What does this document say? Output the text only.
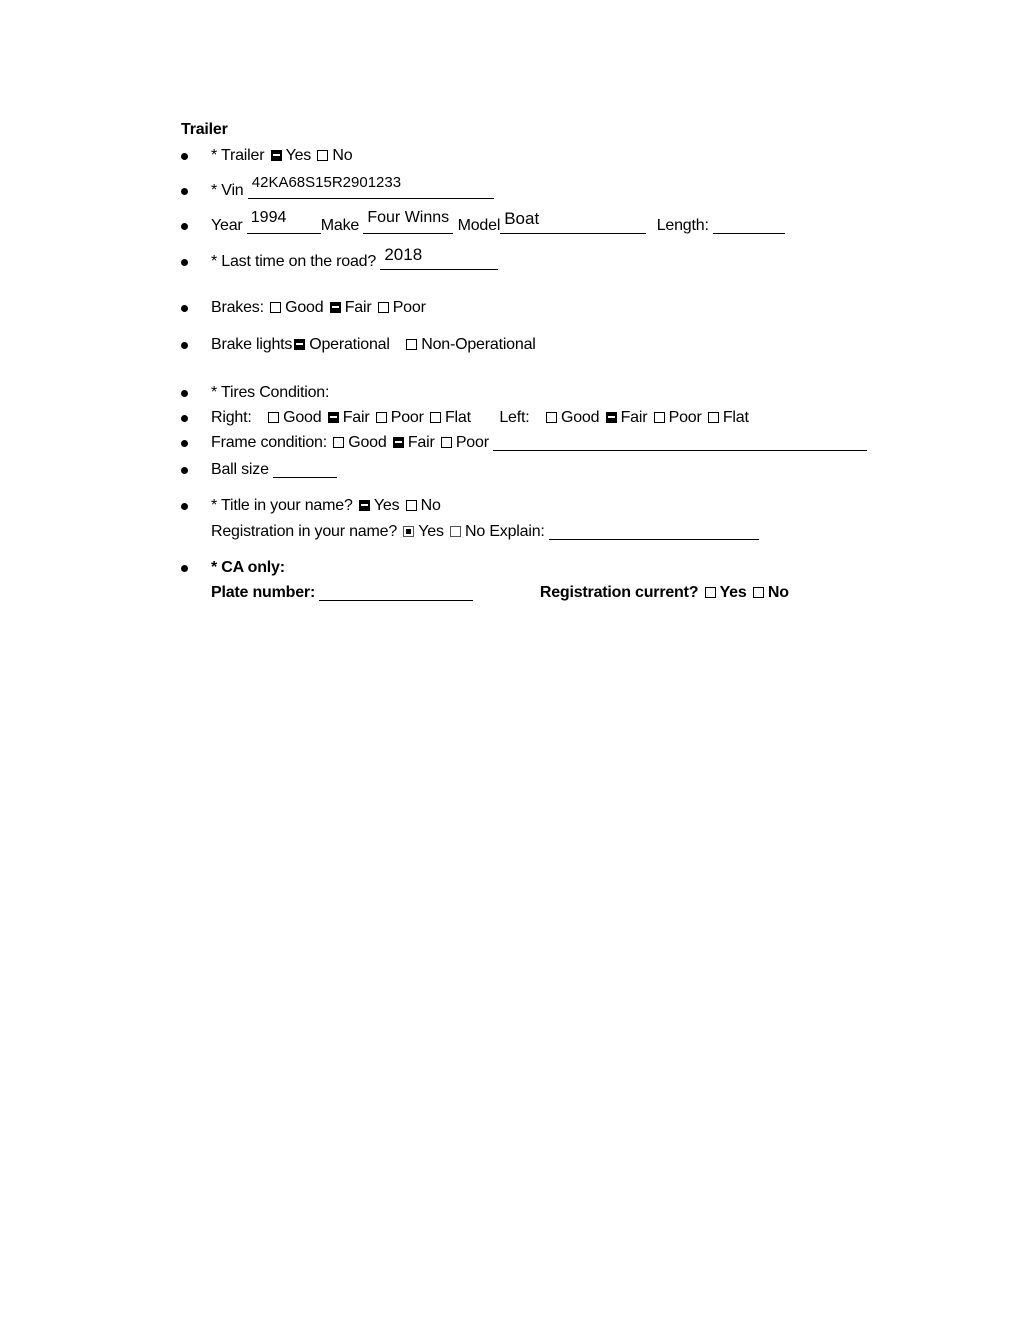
Trailer
* Trailer Yes No
* Vin 42KA68S15R2901233
Year 1994 Make Four Winns Model Boat	Length:
* Last time on the road? 2018
Brakes: Good Fair Poor
Brake lights Operational Non-Operational
* Tires Condition:
Right: Good Fair Poor Flat Left: Good Fair Poor Flat
Frame condition: Good Fair Poor
Ball size
* Title in your name? Yes No
Registration in your name? Yes No Explain:
* CA only:
Plate number:	Registration current? Yes No
